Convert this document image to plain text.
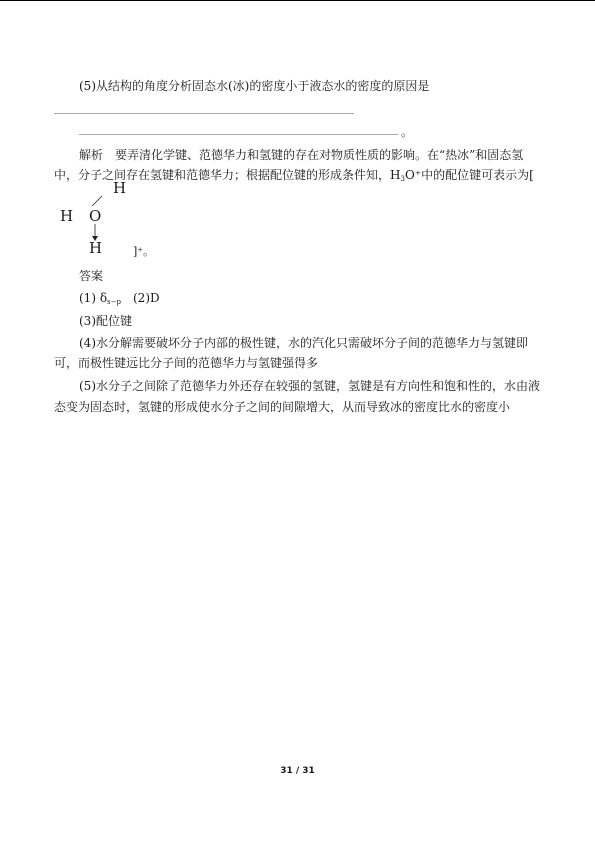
(5)从结构的角度分析固态水(冰)的密度小于液态水的密度的原因是
。
解析　要弄清化学键、范德华力和氢键的存在对物质性质的影响。在“热冰”和固态氢
中，分子之间存在氢键和范德华力；根据配位键的形成条件知，$H_3O^+$中的配位键可表示为[
H
H O
H	]⁺。
答案
(1) $\delta_{s-p}$　(2)D
(3)配位键
(4)水分解需要破坏分子内部的极性键，水的汽化只需破坏分子间的范德华力与氢键即
可，而极性键远比分子间的范德华力与氢键强得多
(5)水分子之间除了范德华力外还存在较强的氢键，氢键是有方向性和饱和性的，水由液
态变为固态时，氢键的形成使水分子之间的间隙增大，从而导致冰的密度比水的密度小
31 / 31
